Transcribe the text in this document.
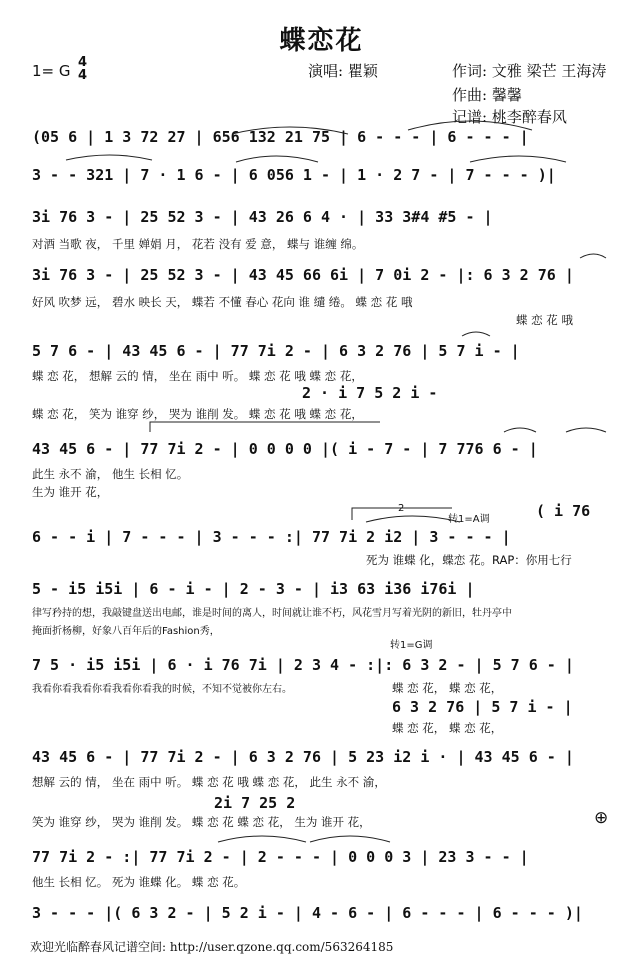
蝶恋花
1= G 4
4	演唱: 瞿颖	作词: 文雅 梁芒 王海涛
作曲: 馨馨
记谱: 桃李醉春风
(05 6 | 1 3 72 27 | 656 132 21 75 | 6 - - - | 6 - - - |
3 - - 321 | 7 · 1 6 - | 6 056 1 - | 1 · 2 7 - | 7 - - - )|
3i 76 3 - | 25 52 3 - | 43 26 6 4 · | 33 3#4 #5 - |
对酒 当歌 夜， 千里 婵娟 月， 花若 没有 爱 意， 蝶与 谁缠 绵。
3i 76 3 - | 25 52 3 - | 43 45 66 6i | 7 0i 2 - |: 6 3 2 76 |
好风 吹梦 远， 碧水 映长 天， 蝶若 不懂 春心 花向 谁 缱 绻。 蝶 恋 花 哦
蝶 恋 花 哦
5 7 6 - | 43 45 6 - | 77 7i 2 - | 6 3 2 76 | 5 7 i - |
蝶 恋 花， 想解 云的 情， 坐在 雨中 听。 蝶 恋 花 哦 蝶 恋 花，
2 · i 7 5 2 i -
蝶 恋 花， 笑为 谁穿 纱， 哭为 谁削 发。 蝶 恋 花 哦 蝶 恋 花，
43 45 6 - | 77 7i 2 - | 0 0 0 0 |( i - 7 - | 7 776 6 - |
此生 永不 渝， 他生 长相 忆。
生为 谁开 花，
2
转1=A调
6 - - i | 7 - - - | 3 - - - :| 77 7i 2 i2 | 3 - - - |
( i 76
死为 谁蝶 化，蝶恋 花。RAP：你用七行
5 - i5 i5i | 6 - i - | 2 - 3 - | i3 63 i36 i76i |
律写矜持的想，我敲键盘送出电邮，谁是时间的离人，时间就让谁不朽，风花雪月写着光阴的新旧，牡丹亭中
掩面折杨柳，好象八百年后的Fashion秀，
转1=G调
7 5 · i5 i5i | 6 · i 76 7i | 2 3 4 - :|: 6 3 2 - | 5 7 6 - |
我看你看我看你看我看你看我的时候，不知不觉被你左右。	蝶 恋 花， 蝶 恋 花，
6 3 2 76 | 5 7 i - |
蝶 恋 花， 蝶 恋 花，
43 45 6 - | 77 7i 2 - | 6 3 2 76 | 5 23 i2 i · | 43 45 6 - |
想解 云的 情， 坐在 雨中 听。 蝶 恋 花 哦 蝶 恋 花， 此生 永不 渝，
2i 7 25 2
笑为 谁穿 纱， 哭为 谁削 发。 蝶 恋 花 蝶 恋 花， 生为 谁开 花，	⊕
77 7i 2 - :| 77 7i 2 - | 2 - - - | 0 0 0 3 | 23 3 - - |
他生 长相 忆。 死为 谁蝶 化。 蝶 恋 花。
3 - - - |( 6 3 2 - | 5 2 i - | 4 - 6 - | 6 - - - | 6 - - - )|
欢迎光临醉春风记谱空间: http://user.qzone.qq.com/563264185
